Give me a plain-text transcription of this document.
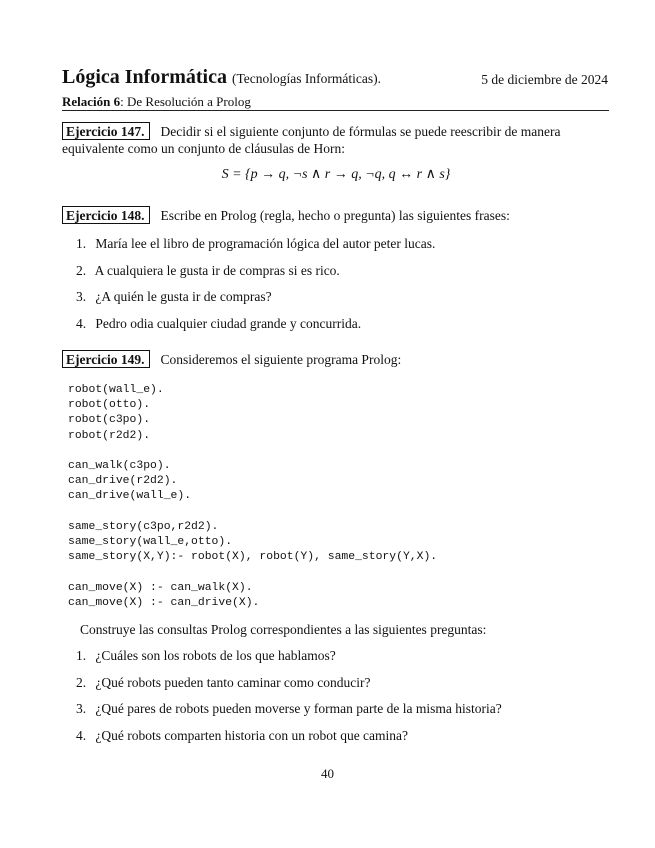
Lógica Informática (Tecnologías Informáticas).	5 de diciembre de 2024
Relación 6: De Resolución a Prolog
Ejercicio 147. Decidir si el siguiente conjunto de fórmulas se puede reescribir de manera equivalente como un conjunto de cláusulas de Horn:
S = {p → q, ¬s ∧ r → q, ¬q, q ↔ r ∧ s}
Ejercicio 148. Escribe en Prolog (regla, hecho o pregunta) las siguientes frases:
1. María lee el libro de programación lógica del autor peter lucas.
2. A cualquiera le gusta ir de compras si es rico.
3. ¿A quién le gusta ir de compras?
4. Pedro odia cualquier ciudad grande y concurrida.
Ejercicio 149. Consideremos el siguiente programa Prolog:
robot(wall_e).
robot(otto).
robot(c3po).
robot(r2d2).

can_walk(c3po).
can_drive(r2d2).
can_drive(wall_e).

same_story(c3po,r2d2).
same_story(wall_e,otto).
same_story(X,Y):- robot(X), robot(Y), same_story(Y,X).

can_move(X) :- can_walk(X).
can_move(X) :- can_drive(X).
Construye las consultas Prolog correspondientes a las siguientes preguntas:
1. ¿Cuáles son los robots de los que hablamos?
2. ¿Qué robots pueden tanto caminar como conducir?
3. ¿Qué pares de robots pueden moverse y forman parte de la misma historia?
4. ¿Qué robots comparten historia con un robot que camina?
40
